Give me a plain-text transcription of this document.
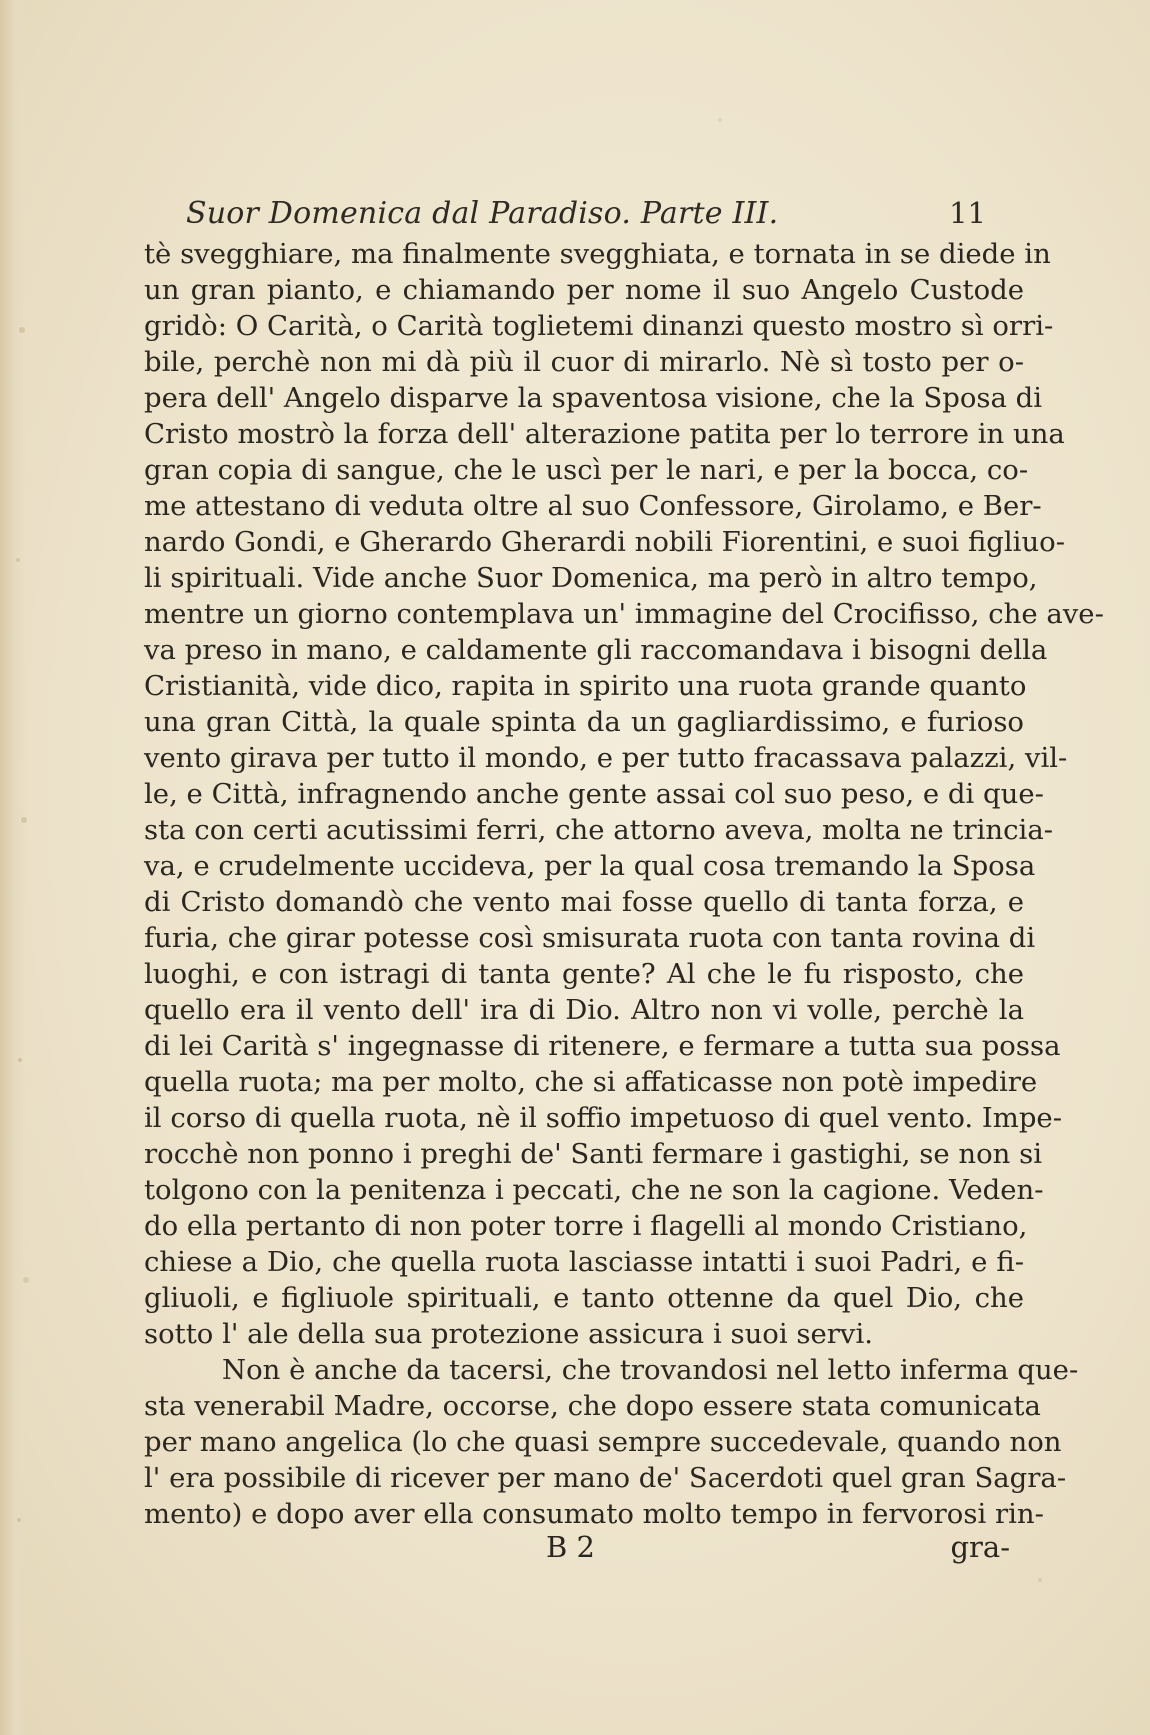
Suor Domenica dal Paradiso. Parte III.	11
tè svegghiare, ma finalmente svegghiata, e tornata in se diede in
un gran pianto, e chiamando per nome il suo Angelo Custode
gridò: O Carità, o Carità toglietemi dinanzi questo mostro sì orri-
bile, perchè non mi dà più il cuor di mirarlo. Nè sì tosto per o-
pera dell' Angelo disparve la spaventosa visione, che la Sposa di
Cristo mostrò la forza dell' alterazione patita per lo terrore in una
gran copia di sangue, che le uscì per le nari, e per la bocca, co-
me attestano di veduta oltre al suo Confessore, Girolamo, e Ber-
nardo Gondi, e Gherardo Gherardi nobili Fiorentini, e suoi figliuo-
li spirituali. Vide anche Suor Domenica, ma però in altro tempo,
mentre un giorno contemplava un' immagine del Crocifisso, che ave-
va preso in mano, e caldamente gli raccomandava i bisogni della
Cristianità, vide dico, rapita in spirito una ruota grande quanto
una gran Città, la quale spinta da un gagliardissimo, e furioso
vento girava per tutto il mondo, e per tutto fracassava palazzi, vil-
le, e Città, infragnendo anche gente assai col suo peso, e di que-
sta con certi acutissimi ferri, che attorno aveva, molta ne trincia-
va, e crudelmente uccideva, per la qual cosa tremando la Sposa
di Cristo domandò che vento mai fosse quello di tanta forza, e
furia, che girar potesse così smisurata ruota con tanta rovina di
luoghi, e con istragi di tanta gente? Al che le fu risposto, che
quello era il vento dell' ira di Dio. Altro non vi volle, perchè la
di lei Carità s' ingegnasse di ritenere, e fermare a tutta sua possa
quella ruota; ma per molto, che si affaticasse non potè impedire
il corso di quella ruota, nè il soffio impetuoso di quel vento. Impe-
rocchè non ponno i preghi de' Santi fermare i gastighi, se non si
tolgono con la penitenza i peccati, che ne son la cagione. Veden-
do ella pertanto di non poter torre i flagelli al mondo Cristiano,
chiese a Dio, che quella ruota lasciasse intatti i suoi Padri, e fi-
gliuoli, e figliuole spirituali, e tanto ottenne da quel Dio, che
sotto l' ale della sua protezione assicura i suoi servi.
Non è anche da tacersi, che trovandosi nel letto inferma que-
sta venerabil Madre, occorse, che dopo essere stata comunicata
per mano angelica (lo che quasi sempre succedevale, quando non
l' era possibile di ricever per mano de' Sacerdoti quel gran Sagra-
mento) e dopo aver ella consumato molto tempo in fervorosi rin-
B 2	gra-
